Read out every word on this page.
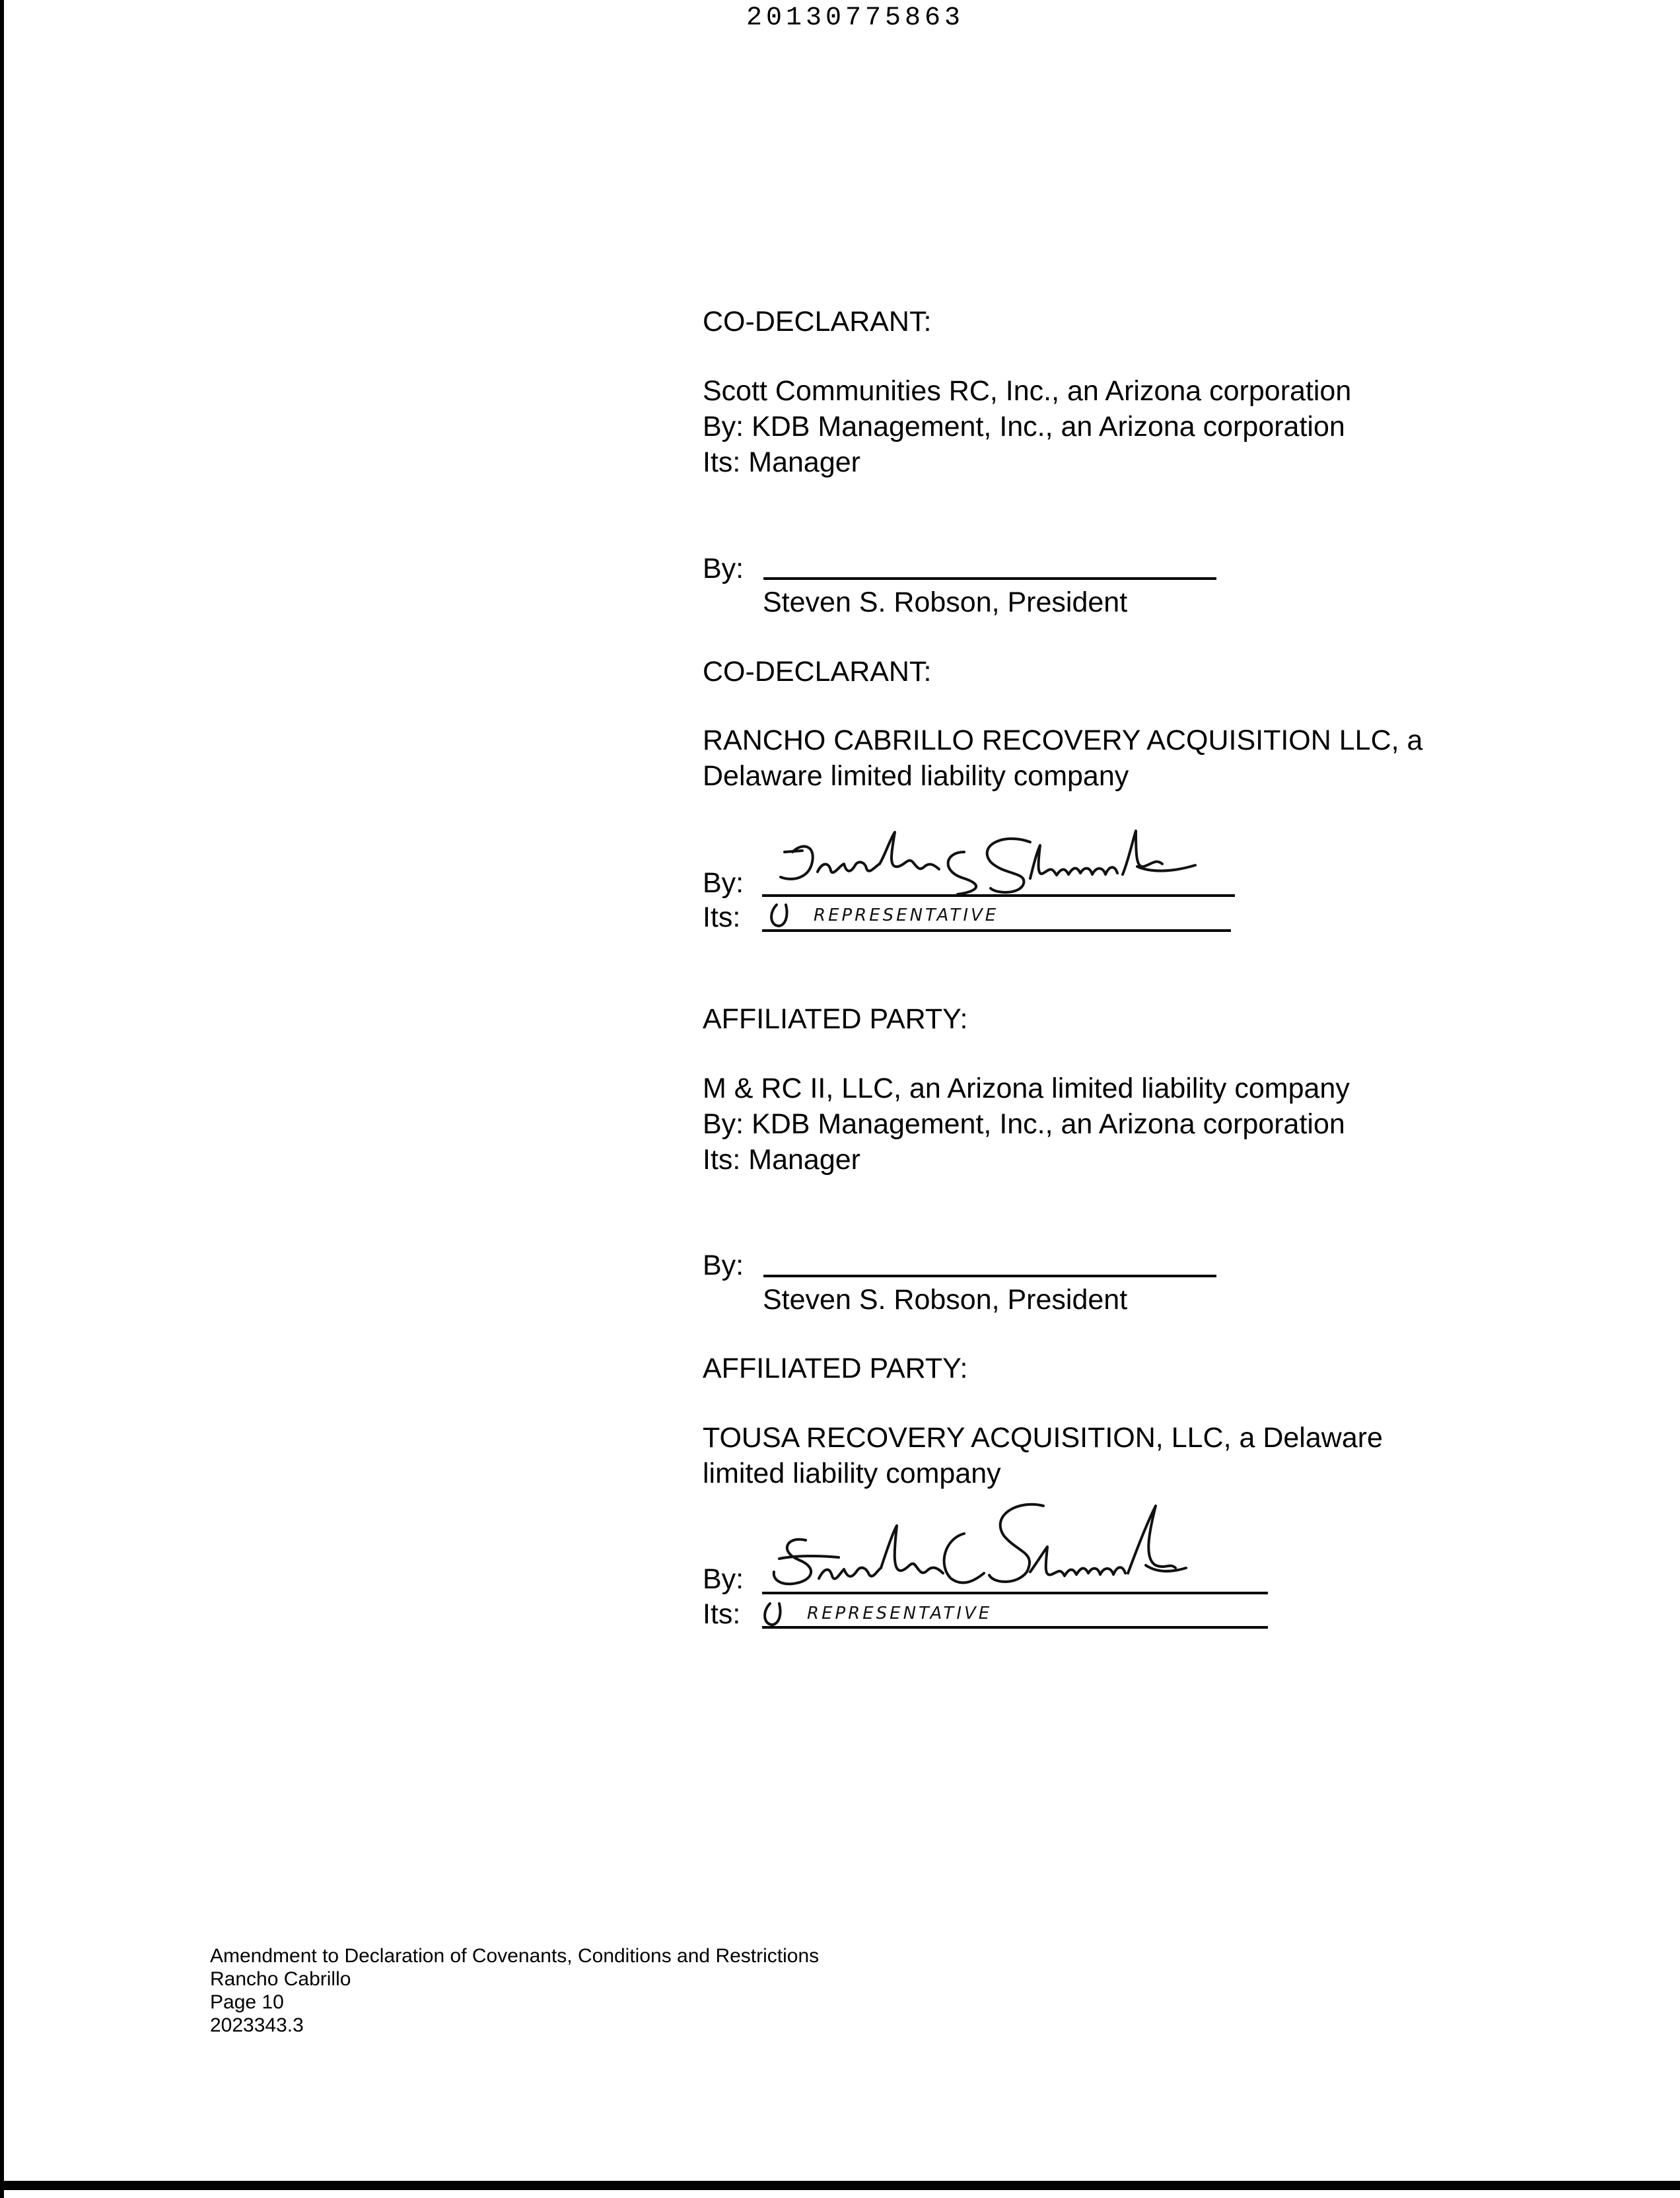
20130775863
CO-DECLARANT:
Scott Communities RC, Inc., an Arizona corporation
By: KDB Management, Inc., an Arizona corporation
Its: Manager
By:
Steven S. Robson, President
CO-DECLARANT:
RANCHO CABRILLO RECOVERY ACQUISITION LLC, a
Delaware limited liability company
By:
Its:	REPRESENTATIVE
AFFILIATED PARTY:
M & RC II, LLC, an Arizona limited liability company
By: KDB Management, Inc., an Arizona corporation
Its: Manager
By:
Steven S. Robson, President
AFFILIATED PARTY:
TOUSA RECOVERY ACQUISITION, LLC, a Delaware
limited liability company
By:
Its:	REPRESENTATIVE
Amendment to Declaration of Covenants, Conditions and Restrictions
Rancho Cabrillo
Page 10
2023343.3
